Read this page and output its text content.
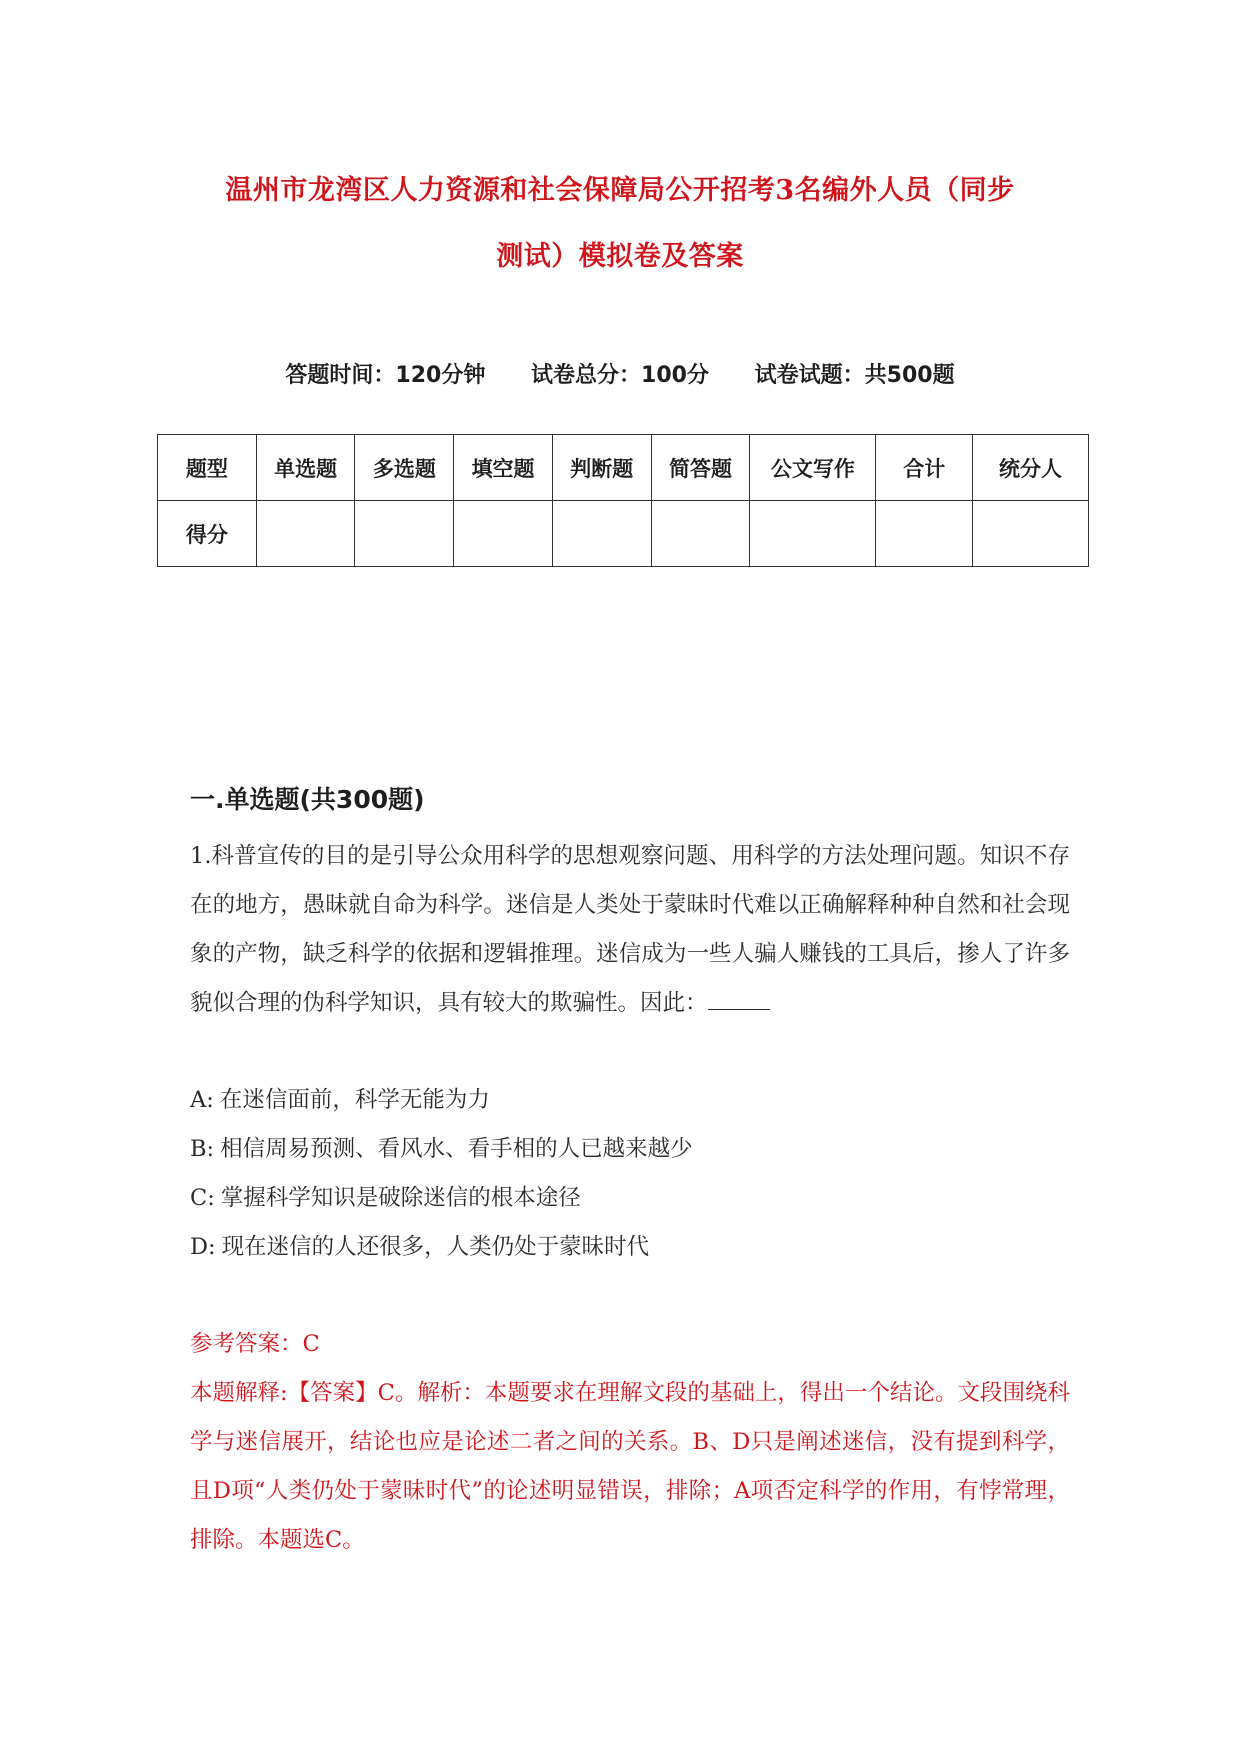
温州市龙湾区人力资源和社会保障局公开招考3名编外人员（同步
测试）模拟卷及答案
答题时间：120分钟 试卷总分：100分 试卷试题：共500题
题型	单选题	多选题	填空题	判断题	简答题	公文写作	合计	统分人
得分								
一.单选题(共300题)
1.科普宣传的目的是引导公众用科学的思想观察问题、用科学的方法处理问题。知识不存在的地方，愚昧就自命为科学。迷信是人类处于蒙昧时代难以正确解释种种自然和社会现象的产物，缺乏科学的依据和逻辑推理。迷信成为一些人骗人赚钱的工具后，掺人了许多貌似合理的伪科学知识，具有较大的欺骗性。因此：
A: 在迷信面前，科学无能为力
B: 相信周易预测、看风水、看手相的人已越来越少
C: 掌握科学知识是破除迷信的根本途径
D: 现在迷信的人还很多，人类仍处于蒙昧时代
参考答案：C
本题解释:【答案】C。解析：本题要求在理解文段的基础上，得出一个结论。文段围绕科学与迷信展开，结论也应是论述二者之间的关系。B、D只是阐述迷信，没有提到科学，且D项“人类仍处于蒙昧时代”的论述明显错误，排除；A项否定科学的作用，有悖常理，排除。本题选C。
